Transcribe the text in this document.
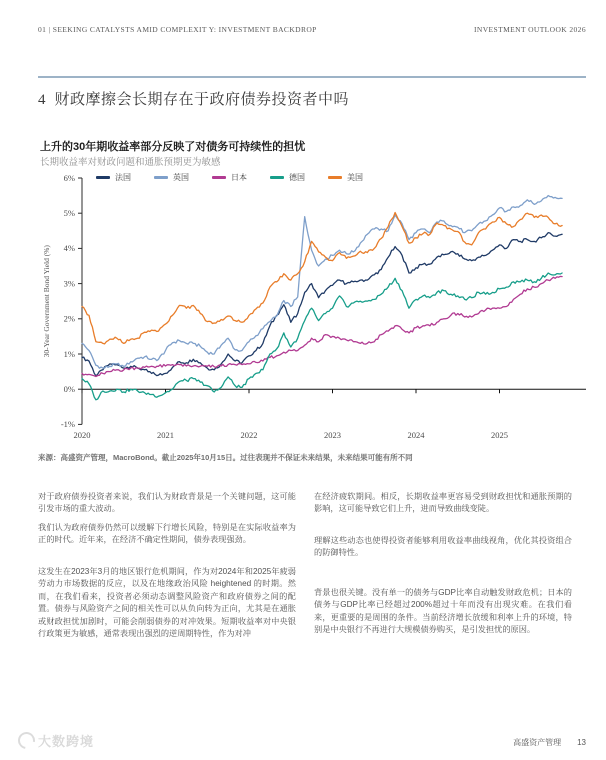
01 | SEEKING CATALYSTS AMID COMPLEXIT Y: INVESTMENT BACKDROP	INVESTMENT OUTLOOK 2026
4  财政摩擦会长期存在于政府债券投资者中吗
上升的30年期收益率部分反映了对债务可持续性的担忧
长期收益率对财政问题和通胀预期更为敏感
6%
5%
4%
3%
2%
1%
0%
-1%
2020	2021	2022	2023	2024	2025
30-Year Government Bond Yield (%)
法国	英国	日本	德国	美国
来源：高盛资产管理，MacroBond。截止2025年10月15日。过往表现并不保证未来结果，未来结果可能有所不同

对于政府债券投资者来说，我们认为财政背景是一个关键问题，这可能引发市场的重大波动。

我们认为政府债券仍然可以缓解下行增长风险，特别是在实际收益率为正的时代。近年来，在经济不确定性期间，债券表现强劲。

这发生在2023年3月的地区银行危机期间，作为对2024年和2025年疲弱劳动力市场数据的反应，以及在地缘政治风险 heightened 的时期。然而，在我们看来，投资者必须动态调整风险资产和政府债券之间的配置。债券与风险资产之间的相关性可以从负向转为正向，尤其是在通胀或财政担忧加剧时，可能会削弱债券的对冲效果。短期收益率对中央银行政策更为敏感，通常表现出强烈的逆周期特性，作为对冲

在经济疲软期间。相反，长期收益率更容易受到财政担忧和通胀预期的影响，这可能导致它们上升，进而导致曲线变陡。

理解这些动态也使得投资者能够利用收益率曲线视角，优化其投资组合的防御特性。

背景也很关键。没有单一的债务与GDP比率自动触发财政危机；日本的债务与GDP比率已经超过200%超过十年而没有出现灾难。在我们看来，更重要的是周围的条件。当前经济增长放缓和利率上升的环境，特别是中央银行不再进行大规模债券购买，是引发担忧的原因。

大数跨境	高盛资产管理 13
